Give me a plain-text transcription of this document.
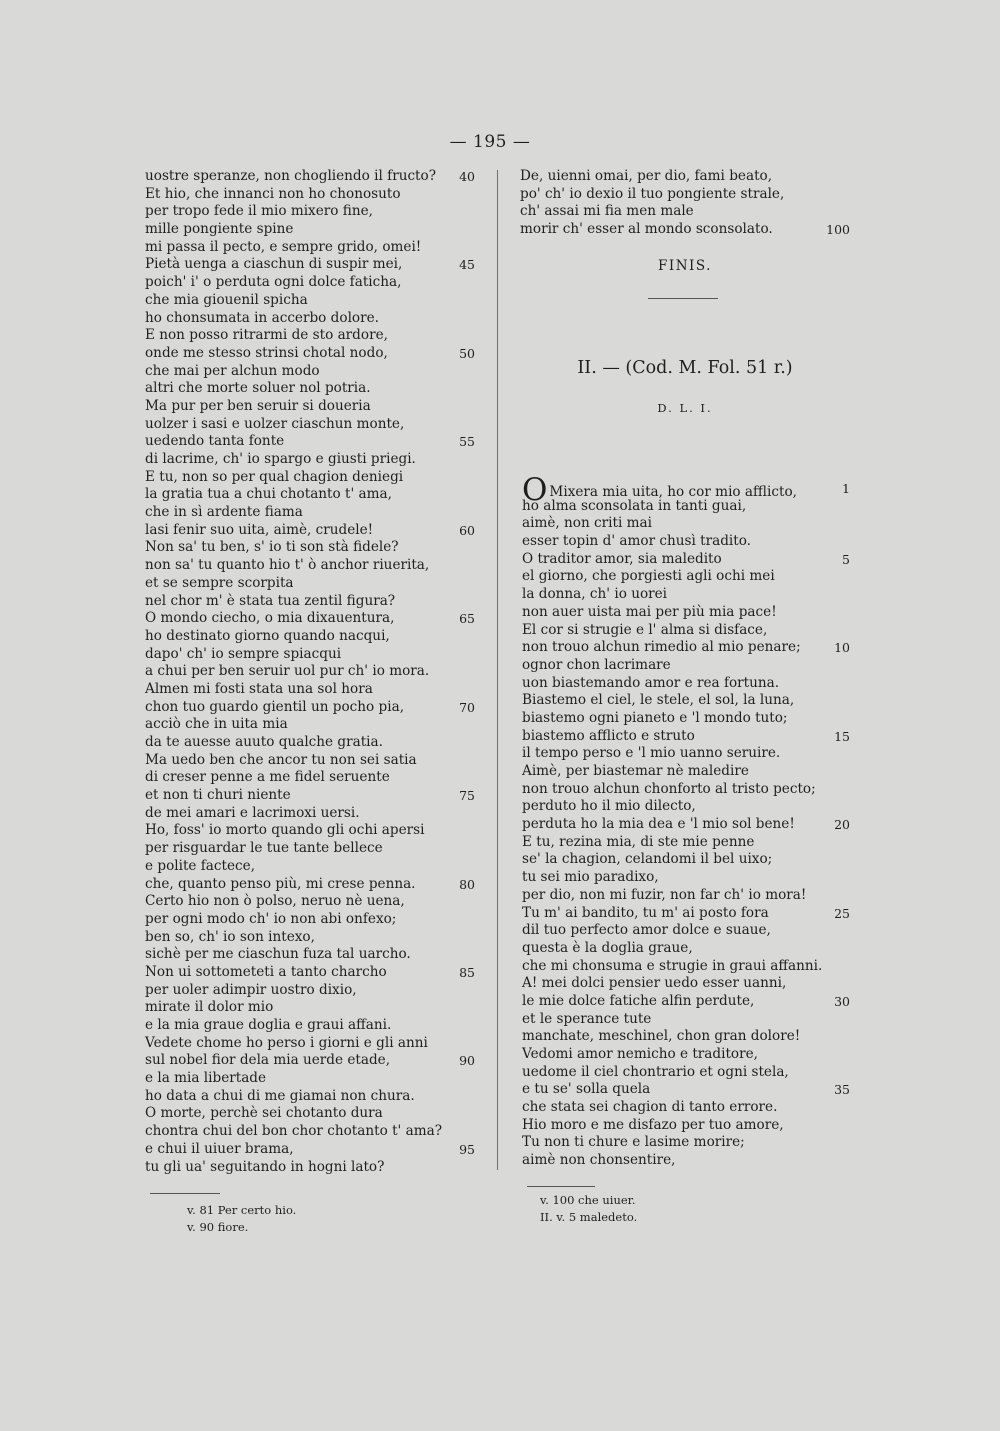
— 195 —
uostre speranze, non chogliendo il fructo? 40
Et hio, che innanci non ho chonosuto
per tropo fede il mio mixero fine,
mille pongiente spine
mi passa il pecto, e sempre grido, omei!
Pietà uenga a ciaschun di suspir mei,	45
poich' i' o perduta ogni dolce faticha,
che mia giouenil spicha
ho chonsumata in accerbo dolore.
E non posso ritrarmi de sto ardore,
onde me stesso strinsi chotal nodo,	50
che mai per alchun modo
altri che morte soluer nol potria.
Ma pur per ben seruir si doueria
uolzer i sasi e uolzer ciaschun monte,
uedendo tanta fonte	55
di lacrime, ch' io spargo e giusti priegi.
E tu, non so per qual chagion deniegi
la gratia tua a chui chotanto t' ama,
che in sì ardente fiama
lasi fenir suo uita, aimè, crudele!	60
Non sa' tu ben, s' io ti son stà fidele?
non sa' tu quanto hio t' ò anchor riuerita,
et se sempre scorpita
nel chor m' è stata tua zentil figura?
O mondo ciecho, o mia dixauentura,	65
ho destinato giorno quando nacqui,
dapo' ch' io sempre spiacqui
a chui per ben seruir uol pur ch' io mora.
Almen mi fosti stata una sol hora
chon tuo guardo gientil un pocho pia,	70
acciò che in uita mia
da te auesse auuto qualche gratia.
Ma uedo ben che ancor tu non sei satia
di creser penne a me fidel seruente
et non ti churi niente	75
de mei amari e lacrimoxi uersi.
Ho, foss' io morto quando gli ochi apersi
per risguardar le tue tante bellece
e polite factece,
che, quanto penso più, mi crese penna.	80
Certo hio non ò polso, neruo nè uena,
per ogni modo ch' io non abi onfexo;
ben so, ch' io son intexo,
sichè per me ciaschun fuza tal uarcho.
Non ui sottometeti a tanto charcho	85
per uoler adimpir uostro dixio,
mirate il dolor mio
e la mia graue doglia e graui affani.
Vedete chome ho perso i giorni e gli anni
sul nobel fior dela mia uerde etade,	90
e la mia libertade
ho data a chui di me giamai non chura.
O morte, perchè sei chotanto dura
chontra chui del bon chor chotanto t' ama?
e chui il uiuer brama,	95
tu gli ua' seguitando in hogni lato?
De, uienni omai, per dio, fami beato,
po' ch' io dexio il tuo pongiente strale,
ch' assai mi fia men male
morir ch' esser al mondo sconsolato.	100
FINIS.
II. — (Cod. M. Fol. 51 r.)
D. L. I.
O Mixera mia uita, ho cor mio afflicto,	1
ho alma sconsolata in tanti guai,
aimè, non criti mai
esser topin d' amor chusì tradito.
O traditor amor, sia maledito	5
el giorno, che porgiesti agli ochi mei
la donna, ch' io uorei
non auer uista mai per più mia pace!
El cor si strugie e l' alma si disface,
non trouo alchun rimedio al mio penare;	10
ognor chon lacrimare
uon biastemando amor e rea fortuna.
Biastemo el ciel, le stele, el sol, la luna,
biastemo ogni pianeto e 'l mondo tuto;
biastemo afflicto e struto	15
il tempo perso e 'l mio uanno seruire.
Aimè, per biastemar nè maledire
non trouo alchun chonforto al tristo pecto;
perduto ho il mio dilecto,
perduta ho la mia dea e 'l mio sol bene!	20
E tu, rezina mia, di ste mie penne
se' la chagion, celandomi il bel uixo;
tu sei mio paradixo,
per dio, non mi fuzir, non far ch' io mora!
Tu m' ai bandito, tu m' ai posto fora	25
dil tuo perfecto amor dolce e suaue,
questa è la doglia graue,
che mi chonsuma e strugie in graui affanni.
A! mei dolci pensier uedo esser uanni,
le mie dolce fatiche alfin perdute,	30
et le sperance tute
manchate, meschinel, chon gran dolore!
Vedomi amor nemicho e traditore,
uedome il ciel chontrario et ogni stela,
e tu se' solla quela	35
che stata sei chagion di tanto errore.
Hio moro e me disfazo per tuo amore,
Tu non ti chure e lasime morire;
aimè non chonsentire,
v. 81 Per certo hio.
v. 90 fiore.
v. 100 che uiuer.
II. v. 5 maledeto.
